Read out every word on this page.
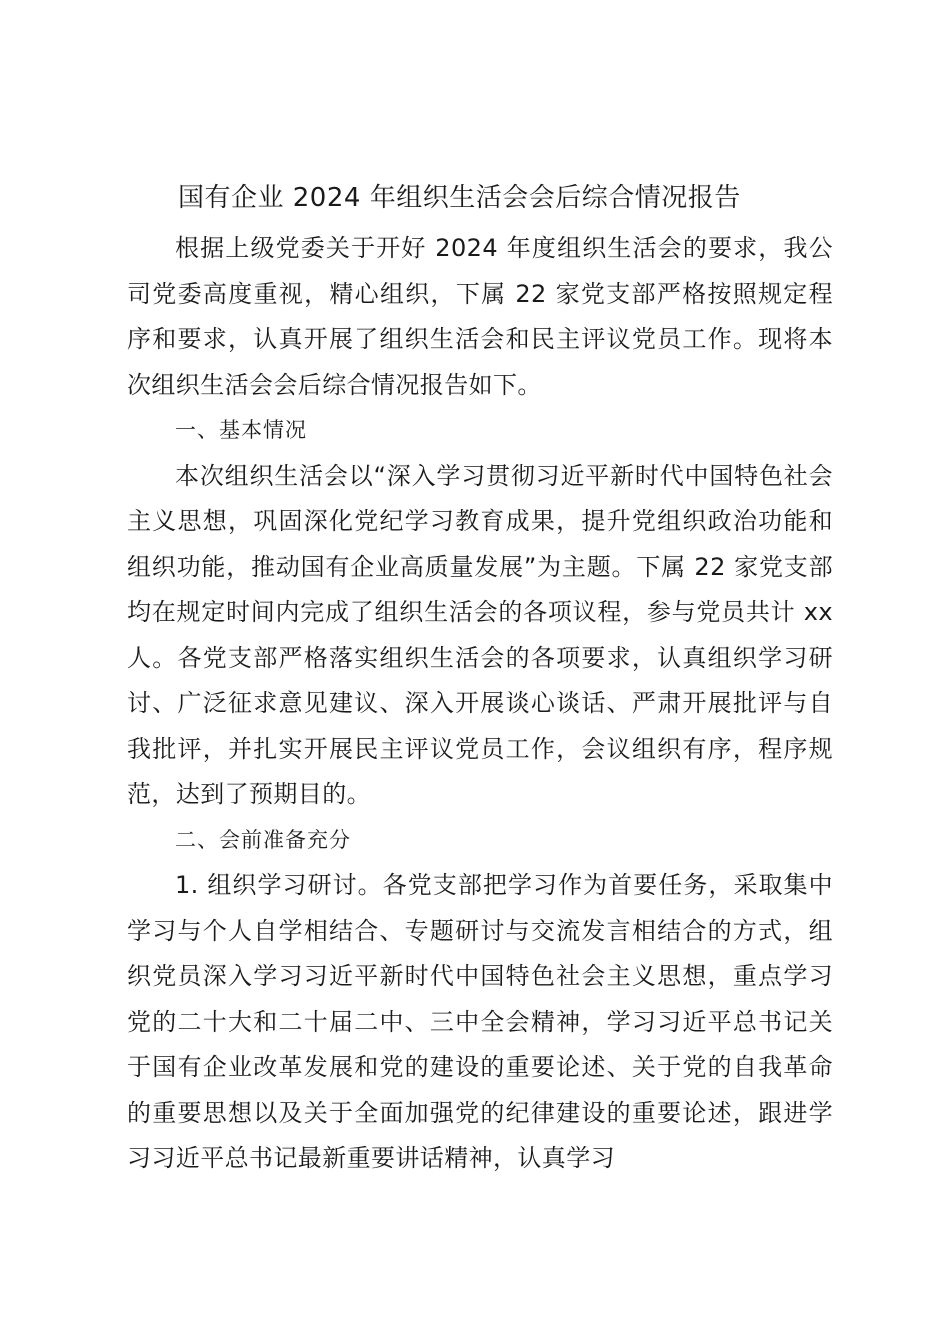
国有企业 2024 年组织生活会会后综合情况报告

根据上级党委关于开好 2024 年度组织生活会的要求，我公司党委高度重视，精心组织，下属 22 家党支部严格按照规定程序和要求，认真开展了组织生活会和民主评议党员工作。现将本次组织生活会会后综合情况报告如下。

一、基本情况

本次组织生活会以“深入学习贯彻习近平新时代中国特色社会主义思想，巩固深化党纪学习教育成果，提升党组织政治功能和组织功能，推动国有企业高质量发展”为主题。下属 22 家党支部均在规定时间内完成了组织生活会的各项议程，参与党员共计 xx 人。各党支部严格落实组织生活会的各项要求，认真组织学习研讨、广泛征求意见建议、深入开展谈心谈话、严肃开展批评与自我批评，并扎实开展民主评议党员工作，会议组织有序，程序规范，达到了预期目的。

二、会前准备充分

1. 组织学习研讨。各党支部把学习作为首要任务，采取集中学习与个人自学相结合、专题研讨与交流发言相结合的方式，组织党员深入学习习近平新时代中国特色社会主义思想，重点学习党的二十大和二十届二中、三中全会精神，学习习近平总书记关于国有企业改革发展和党的建设的重要论述、关于党的自我革命的重要思想以及关于全面加强党的纪律建设的重要论述，跟进学习习近平总书记最新重要讲话精神，认真学习
